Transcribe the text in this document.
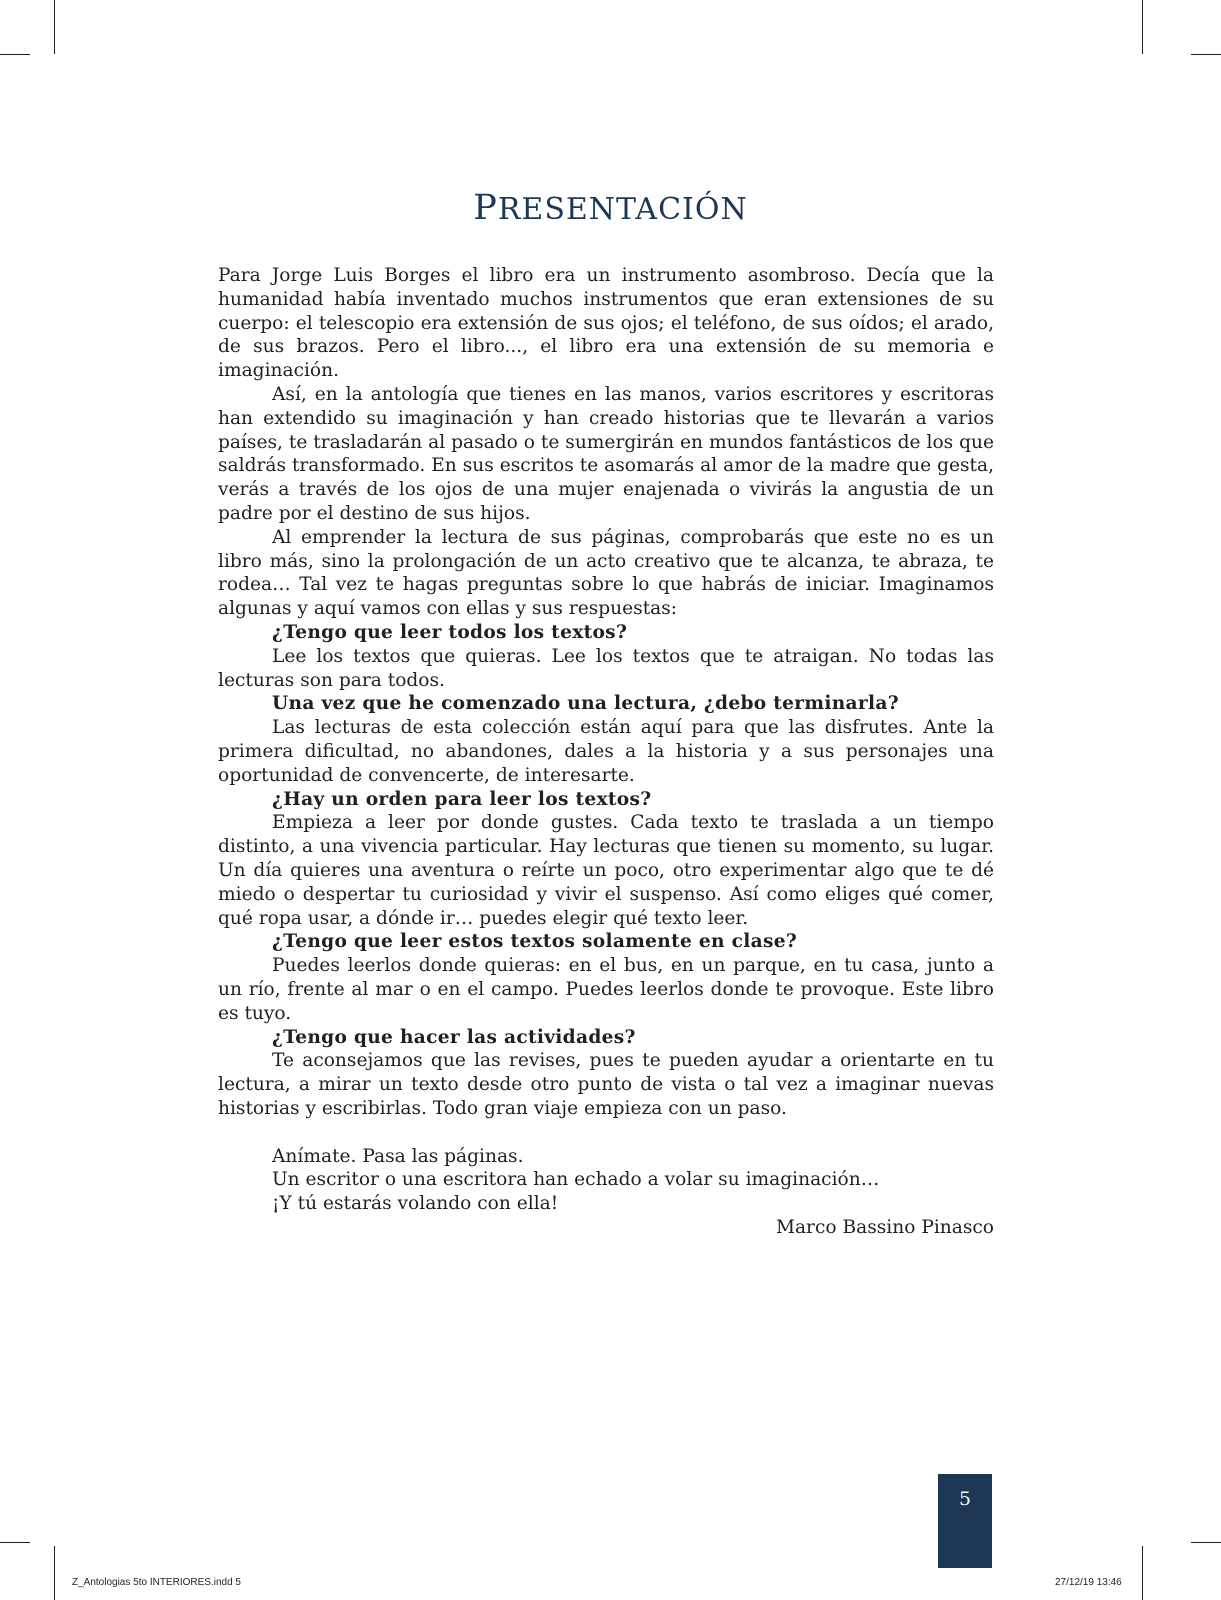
PRESENTACIÓN

Para Jorge Luis Borges el libro era un instrumento asombroso. Decía que la humanidad había inventado muchos instrumentos que eran extensiones de su cuerpo: el telescopio era extensión de sus ojos; el teléfono, de sus oídos; el arado, de sus brazos. Pero el libro..., el libro era una extensión de su memoria e imaginación.

Así, en la antología que tienes en las manos, varios escritores y escritoras han extendido su imaginación y han creado historias que te llevarán a varios países, te trasladarán al pasado o te sumergirán en mundos fantásticos de los que saldrás transformado. En sus escritos te asomarás al amor de la madre que gesta, verás a través de los ojos de una mujer enajenada o vivirás la angustia de un padre por el destino de sus hijos.

Al emprender la lectura de sus páginas, comprobarás que este no es un libro más, sino la prolongación de un acto creativo que te alcanza, te abraza, te rodea… Tal vez te hagas preguntas sobre lo que habrás de iniciar. Imaginamos algunas y aquí vamos con ellas y sus respuestas:

¿Tengo que leer todos los textos?

Lee los textos que quieras. Lee los textos que te atraigan. No todas las lecturas son para todos.

Una vez que he comenzado una lectura, ¿debo terminarla?

Las lecturas de esta colección están aquí para que las disfrutes. Ante la primera dificultad, no abandones, dales a la historia y a sus personajes una oportunidad de convencerte, de interesarte.

¿Hay un orden para leer los textos?

Empieza a leer por donde gustes. Cada texto te traslada a un tiempo distinto, a una vivencia particular. Hay lecturas que tienen su momento, su lugar. Un día quieres una aventura o reírte un poco, otro experimentar algo que te dé miedo o despertar tu curiosidad y vivir el suspenso. Así como eliges qué comer, qué ropa usar, a dónde ir… puedes elegir qué texto leer.

¿Tengo que leer estos textos solamente en clase?

Puedes leerlos donde quieras: en el bus, en un parque, en tu casa, junto a un río, frente al mar o en el campo. Puedes leerlos donde te provoque. Este libro es tuyo.

¿Tengo que hacer las actividades?

Te aconsejamos que las revises, pues te pueden ayudar a orientarte en tu lectura, a mirar un texto desde otro punto de vista o tal vez a imaginar nuevas historias y escribirlas. Todo gran viaje empieza con un paso.

Anímate. Pasa las páginas.

Un escritor o una escritora han echado a volar su imaginación…

¡Y tú estarás volando con ella!

Marco Bassino Pinasco

5
Z_Antologias 5to INTERIORES.indd 5	27/12/19 13:46
